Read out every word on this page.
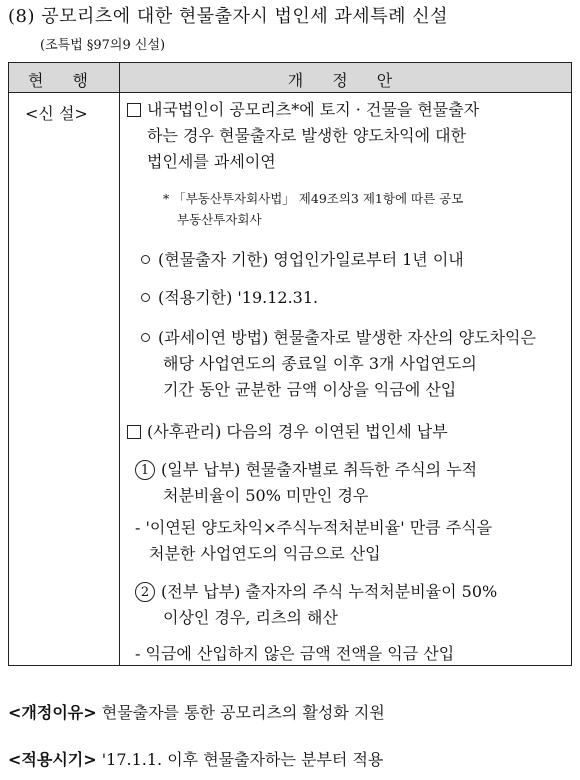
(8) 공모리츠에 대한 현물출자시 법인세 과세특례 신설
(조특법 §97의9 신설)
현 행	개 정 안
<신 설>	내국법인이 공모리츠*에 토지 · 건물을 현물출자
하는 경우 현물출자로 발생한 양도차익에 대한
법인세를 과세이연
* 「부동산투자회사법」 제49조의3 제1항에 따른 공모
부동산투자회사
(현물출자 기한) 영업인가일로부터 1년 이내
(적용기한) '19.12.31.
(과세이연 방법) 현물출자로 발생한 자산의 양도차익은
해당 사업연도의 종료일 이후 3개 사업연도의
기간 동안 균분한 금액 이상을 익금에 산입
(사후관리) 다음의 경우 이연된 법인세 납부
1 (일부 납부) 현물출자별로 취득한 주식의 누적
처분비율이 50% 미만인 경우
- '이연된 양도차익×주식누적처분비율' 만큼 주식을
처분한 사업연도의 익금으로 산입
2 (전부 납부) 출자자의 주식 누적처분비율이 50%
이상인 경우, 리츠의 해산
- 익금에 산입하지 않은 금액 전액을 익금 산입
<개정이유> 현물출자를 통한 공모리츠의 활성화 지원
<적용시기> '17.1.1. 이후 현물출자하는 분부터 적용
